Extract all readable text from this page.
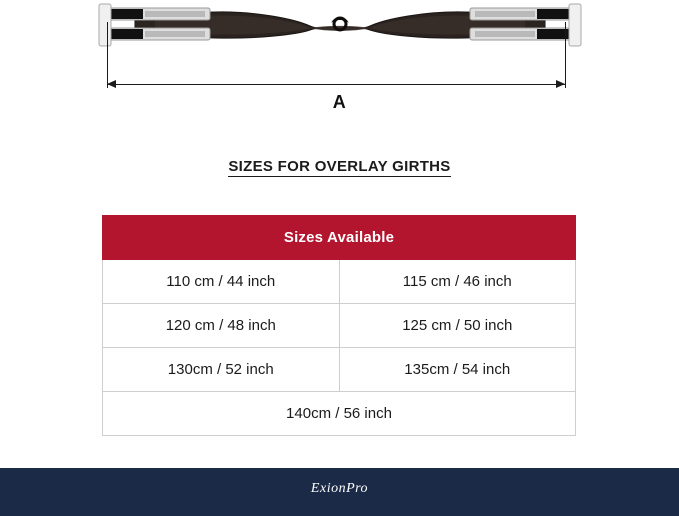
A
SIZES FOR OVERLAY GIRTHS
Sizes Available	
110 cm / 44 inch	115 cm / 46 inch
120 cm / 48 inch	125 cm / 50 inch
130cm / 52 inch	135cm / 54 inch
140cm / 56 inch	
ExionPro
